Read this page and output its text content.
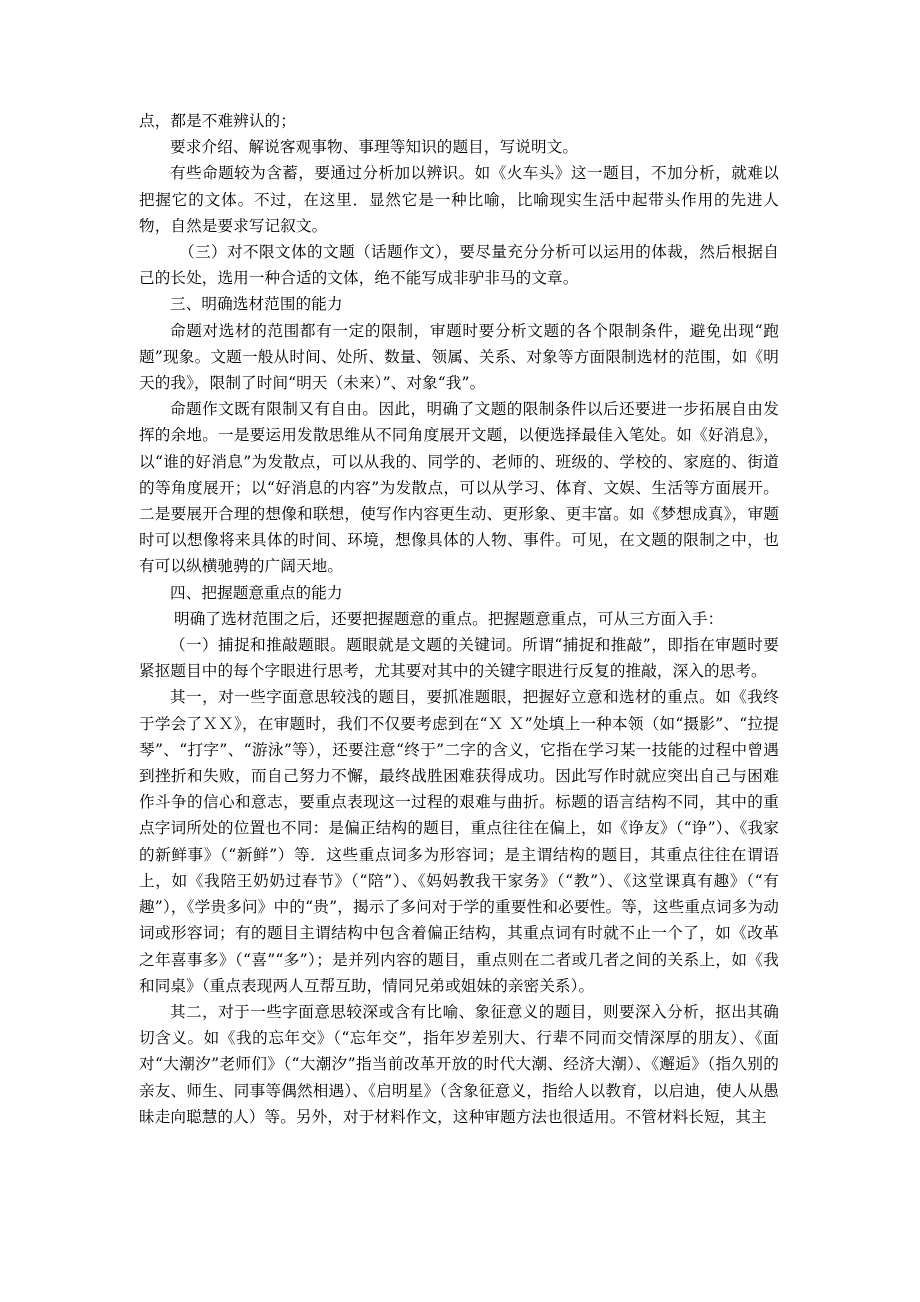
点，都是不难辨认的；

要求介绍、解说客观事物、事理等知识的题目，写说明文。

有些命题较为含蓄，要通过分析加以辨识。如《火车头》这一题目，不加分析，就难以把握它的文体。不过，在这里．显然它是一种比喻，比喻现实生活中起带头作用的先进人物，自然是要求写记叙文。

（三）对不限文体的文题（话题作文），要尽量充分分析可以运用的体裁，然后根据自己的长处，选用一种合适的文体，绝不能写成非驴非马的文章。

三、明确选材范围的能力

命题对选材的范围都有一定的限制，审题时要分析文题的各个限制条件，避免出现“跑题”现象。文题一般从时间、处所、数量、领属、关系、对象等方面限制选材的范围，如《明天的我》，限制了时间“明天（未来）”、对象“我”。

命题作文既有限制又有自由。因此，明确了文题的限制条件以后还要进一步拓展自由发挥的余地。一是要运用发散思维从不同角度展开文题，以便选择最佳入笔处。如《好消息》，以“谁的好消息”为发散点，可以从我的、同学的、老师的、班级的、学校的、家庭的、街道的等角度展开；以“好消息的内容”为发散点，可以从学习、体育、文娱、生活等方面展开。二是要展开合理的想像和联想，使写作内容更生动、更形象、更丰富。如《梦想成真》，审题时可以想像将来具体的时间、环境，想像具体的人物、事件。可见，在文题的限制之中，也有可以纵横驰骋的广阔天地。

四、把握题意重点的能力

明确了选材范围之后，还要把握题意的重点。把握题意重点，可从三方面入手：

（一）捕捉和推敲题眼。题眼就是文题的关键词。所谓“捕捉和推敲”，即指在审题时要紧抠题目中的每个字眼进行思考，尤其要对其中的关键字眼进行反复的推敲，深入的思考。

其一，对一些字面意思较浅的题目，要抓准题眼，把握好立意和选材的重点。如《我终于学会了ＸＸ》，在审题时，我们不仅要考虑到在“Ｘ Ｘ”处填上一种本领（如“摄影”、“拉提琴”、“打字”、“游泳”等），还要注意“终于”二字的含义，它指在学习某一技能的过程中曾遇到挫折和失败，而自己努力不懈，最终战胜困难获得成功。因此写作时就应突出自己与困难作斗争的信心和意志，要重点表现这一过程的艰难与曲折。标题的语言结构不同，其中的重点字词所处的位置也不同：是偏正结构的题目，重点往往在偏上，如《诤友》（“诤”）、《我家的新鲜事》（“新鲜”）等．这些重点词多为形容词；是主谓结构的题目，其重点往往在谓语上，如《我陪王奶奶过春节》（“陪”）、《妈妈教我干家务》（“教”）、《这堂课真有趣》（“有趣”），《学贵多问》中的“贵”，揭示了多问对于学的重要性和必要性。等，这些重点词多为动词或形容词；有的题目主谓结构中包含着偏正结构，其重点词有时就不止一个了，如《改革之年喜事多》（“喜”“多”）；是并列内容的题目，重点则在二者或几者之间的关系上，如《我和同桌》（重点表现两人互帮互助，情同兄弟或姐妹的亲密关系）。

其二，对于一些字面意思较深或含有比喻、象征意义的题目，则要深入分析，抠出其确切含义。如《我的忘年交》（“忘年交”，指年岁差别大、行辈不同而交情深厚的朋友）、《面对“大潮汐”老师们》（“大潮汐”指当前改革开放的时代大潮、经济大潮）、《邂逅》（指久别的亲友、师生、同事等偶然相遇）、《启明星》（含象征意义，指给人以教育，以启迪，使人从愚昧走向聪慧的人）等。另外，对于材料作文，这种审题方法也很适用。不管材料长短，其主
